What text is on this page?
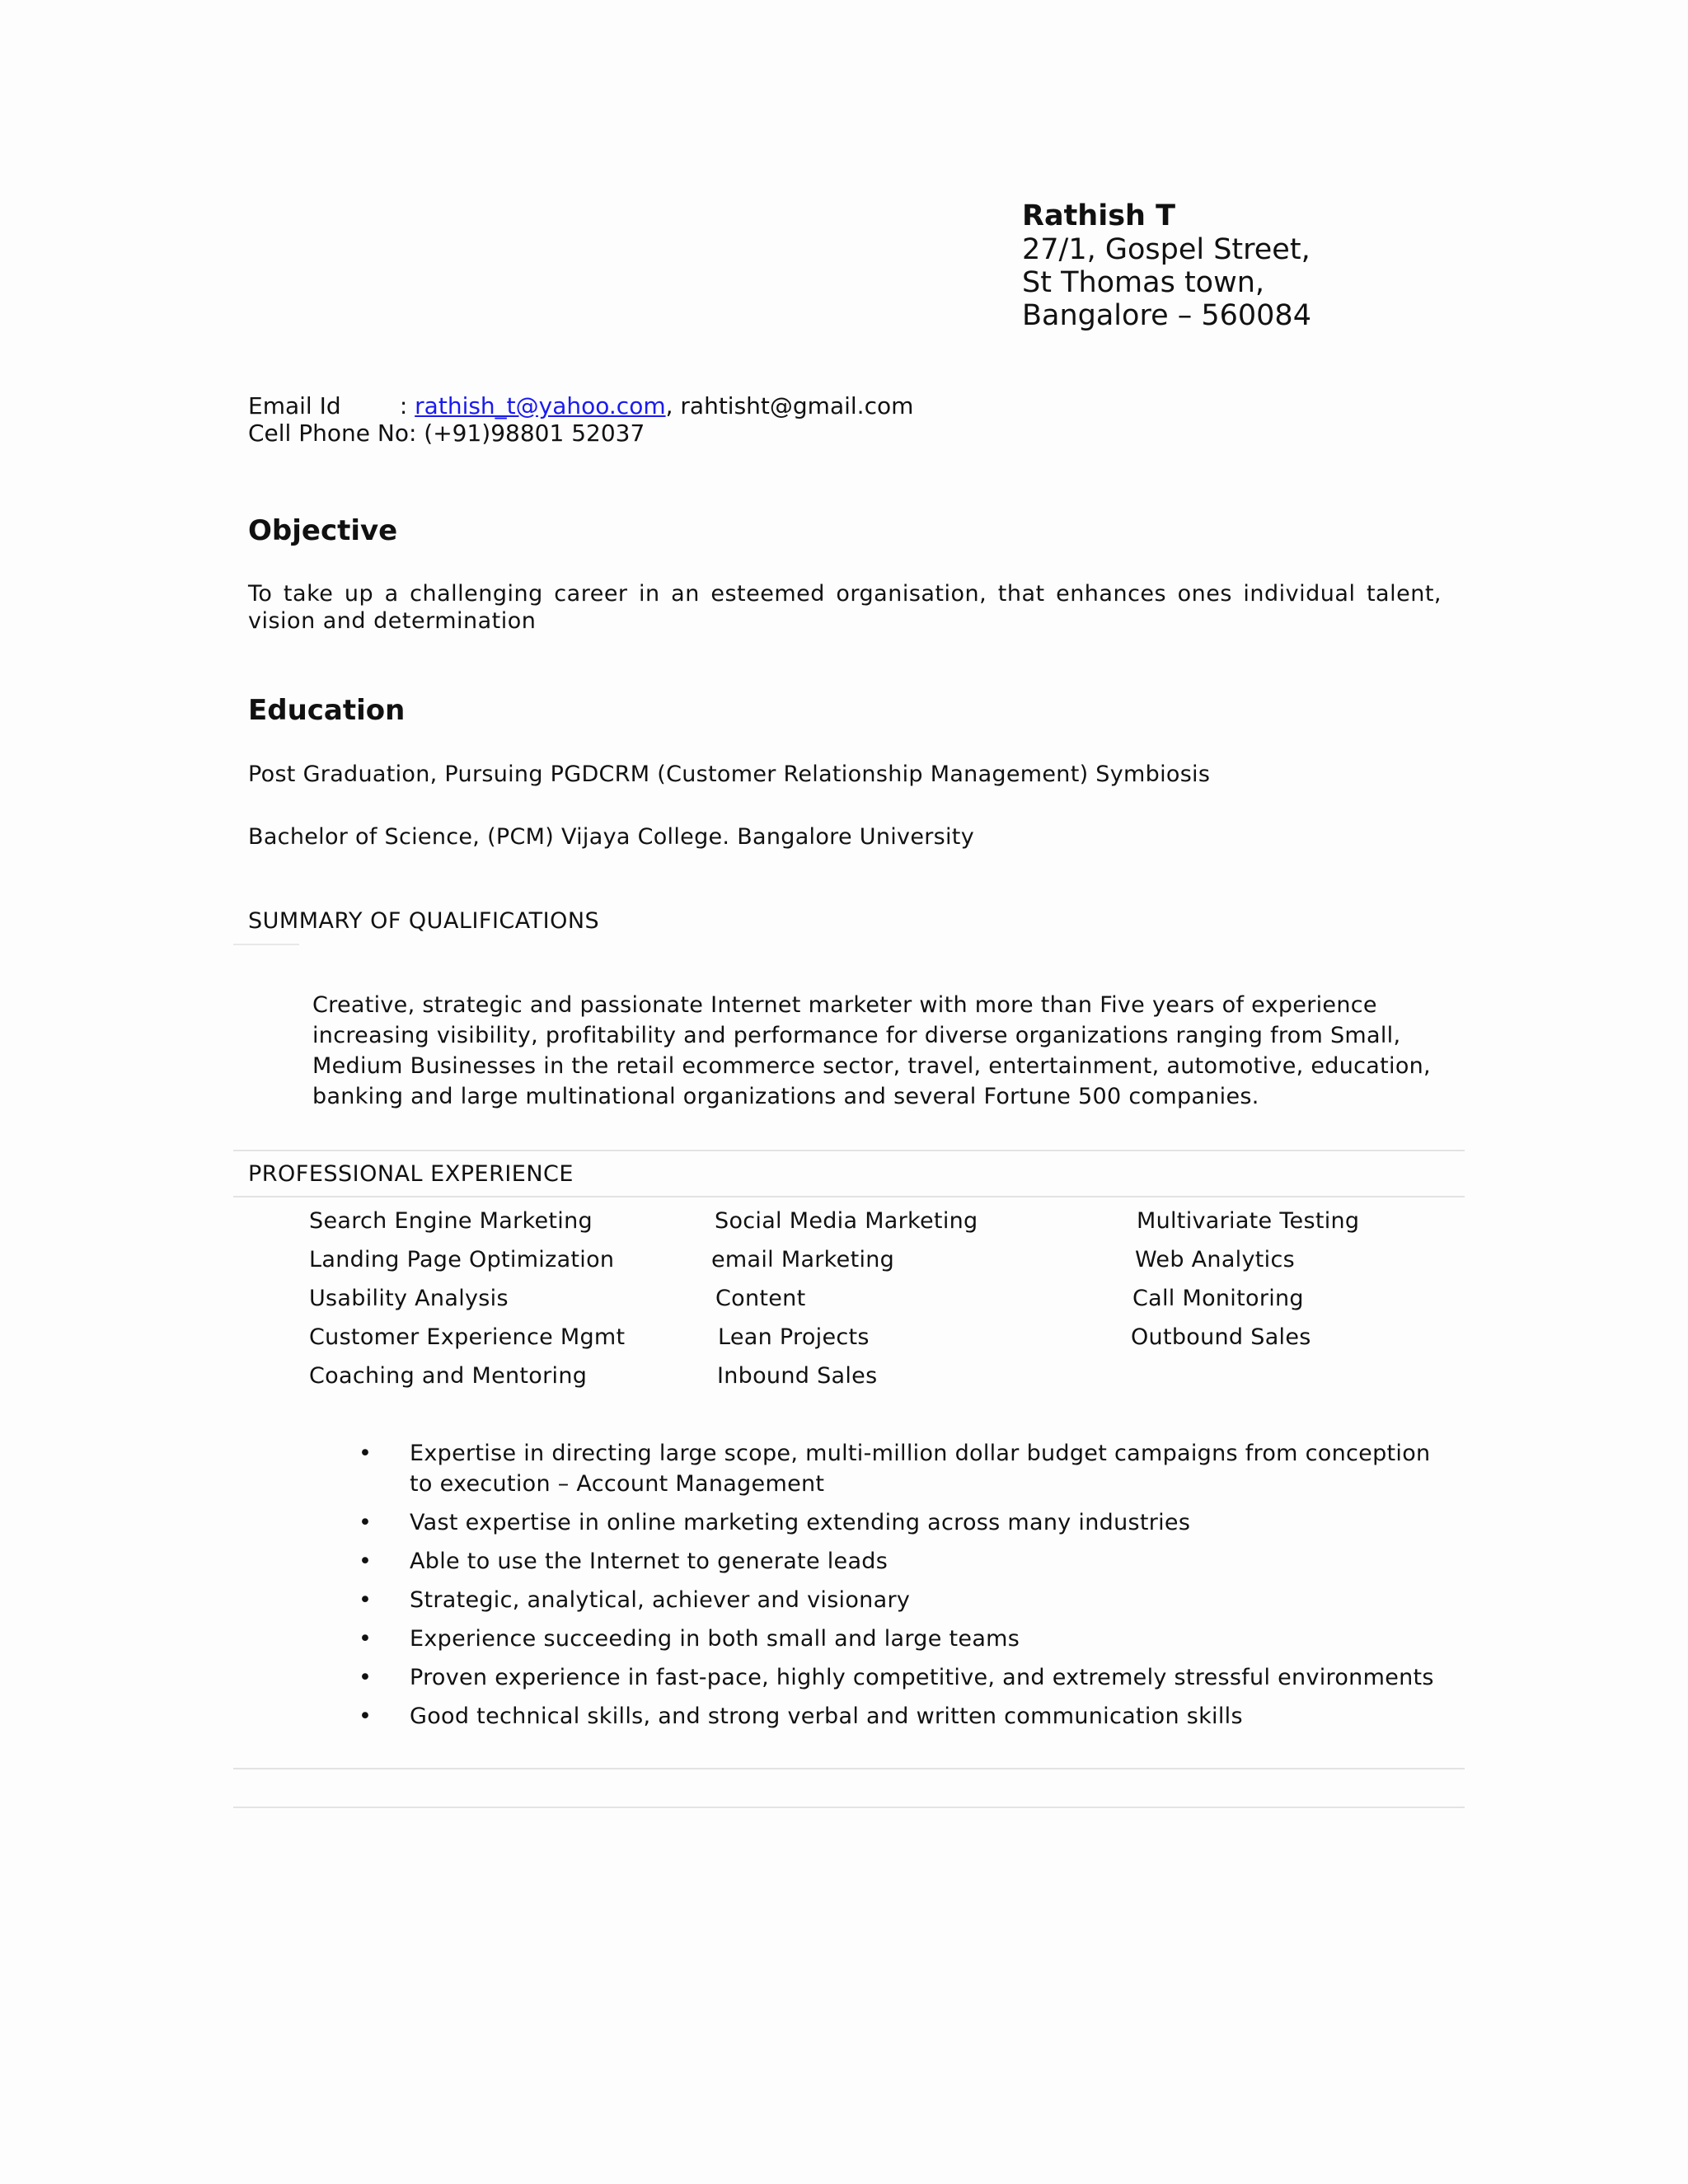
Rathish T
27/1, Gospel Street,
St Thomas town,
Bangalore – 560084
Email Id        : rathish_t@yahoo.com, rahtisht@gmail.com
Cell Phone No: (+91)98801 52037
Objective
To take up a challenging career in an esteemed organisation, that enhances ones individual talent, vision and determination
Education
Post Graduation, Pursuing PGDCRM (Customer Relationship Management) Symbiosis
Bachelor of Science, (PCM) Vijaya College. Bangalore University
SUMMARY OF QUALIFICATIONS
Creative, strategic and passionate Internet marketer with more than Five years of experience
increasing visibility, profitability and performance for diverse organizations ranging from Small,
Medium Businesses in the retail ecommerce sector, travel, entertainment, automotive, education,
banking and large multinational organizations and several Fortune 500 companies.
PROFESSIONAL EXPERIENCE
Search Engine Marketing
Landing Page Optimization
Usability Analysis
Customer Experience Mgmt
Coaching and Mentoring
Social Media Marketing
email Marketing
Content
Lean Projects
Inbound Sales
Multivariate Testing
Web Analytics
Call Monitoring
Outbound Sales
• Expertise in directing large scope, multi-million dollar budget campaigns from conception to execution – Account Management
• Vast expertise in online marketing extending across many industries
• Able to use the Internet to generate leads
• Strategic, analytical, achiever and visionary
• Experience succeeding in both small and large teams
• Proven experience in fast-pace, highly competitive, and extremely stressful environments
• Good technical skills, and strong verbal and written communication skills
